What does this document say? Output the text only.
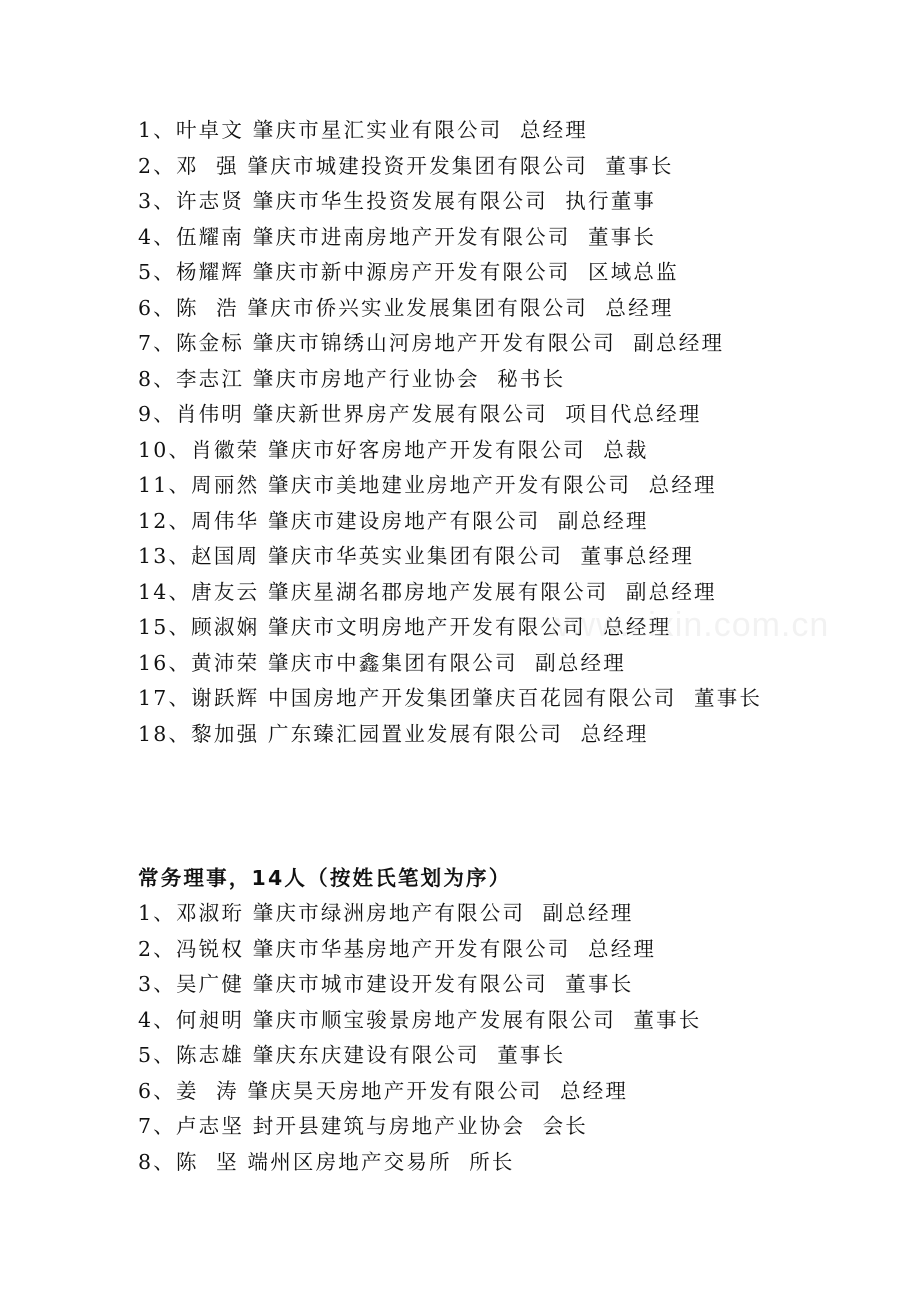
1、叶卓文 肇庆市星汇实业有限公司  总经理
2、邓  强 肇庆市城建投资开发集团有限公司  董事长
3、许志贤 肇庆市华生投资发展有限公司  执行董事
4、伍耀南 肇庆市进南房地产开发有限公司  董事长
5、杨耀辉 肇庆市新中源房产开发有限公司  区域总监
6、陈  浩 肇庆市侨兴实业发展集团有限公司  总经理
7、陈金标 肇庆市锦绣山河房地产开发有限公司  副总经理
8、李志江 肇庆市房地产行业协会  秘书长
9、肖伟明 肇庆新世界房产发展有限公司  项目代总经理
10、肖徽荣 肇庆市好客房地产开发有限公司  总裁
11、周丽然 肇庆市美地建业房地产开发有限公司  总经理
12、周伟华 肇庆市建设房地产有限公司  副总经理
13、赵国周 肇庆市华英实业集团有限公司  董事总经理
14、唐友云 肇庆星湖名郡房地产发展有限公司  副总经理
15、顾淑娴 肇庆市文明房地产开发有限公司  总经理
16、黄沛荣 肇庆市中鑫集团有限公司  副总经理
17、谢跃辉 中国房地产开发集团肇庆百花园有限公司  董事长
18、黎加强 广东臻汇园置业发展有限公司  总经理
www.zixin.com.cn
常务理事，14人（按姓氏笔划为序）
1、邓淑珩 肇庆市绿洲房地产有限公司  副总经理
2、冯锐权 肇庆市华基房地产开发有限公司  总经理
3、吴广健 肇庆市城市建设开发有限公司  董事长
4、何昶明 肇庆市顺宝骏景房地产发展有限公司  董事长
5、陈志雄 肇庆东庆建设有限公司  董事长
6、姜  涛 肇庆昊天房地产开发有限公司  总经理
7、卢志坚 封开县建筑与房地产业协会  会长
8、陈  坚 端州区房地产交易所  所长
